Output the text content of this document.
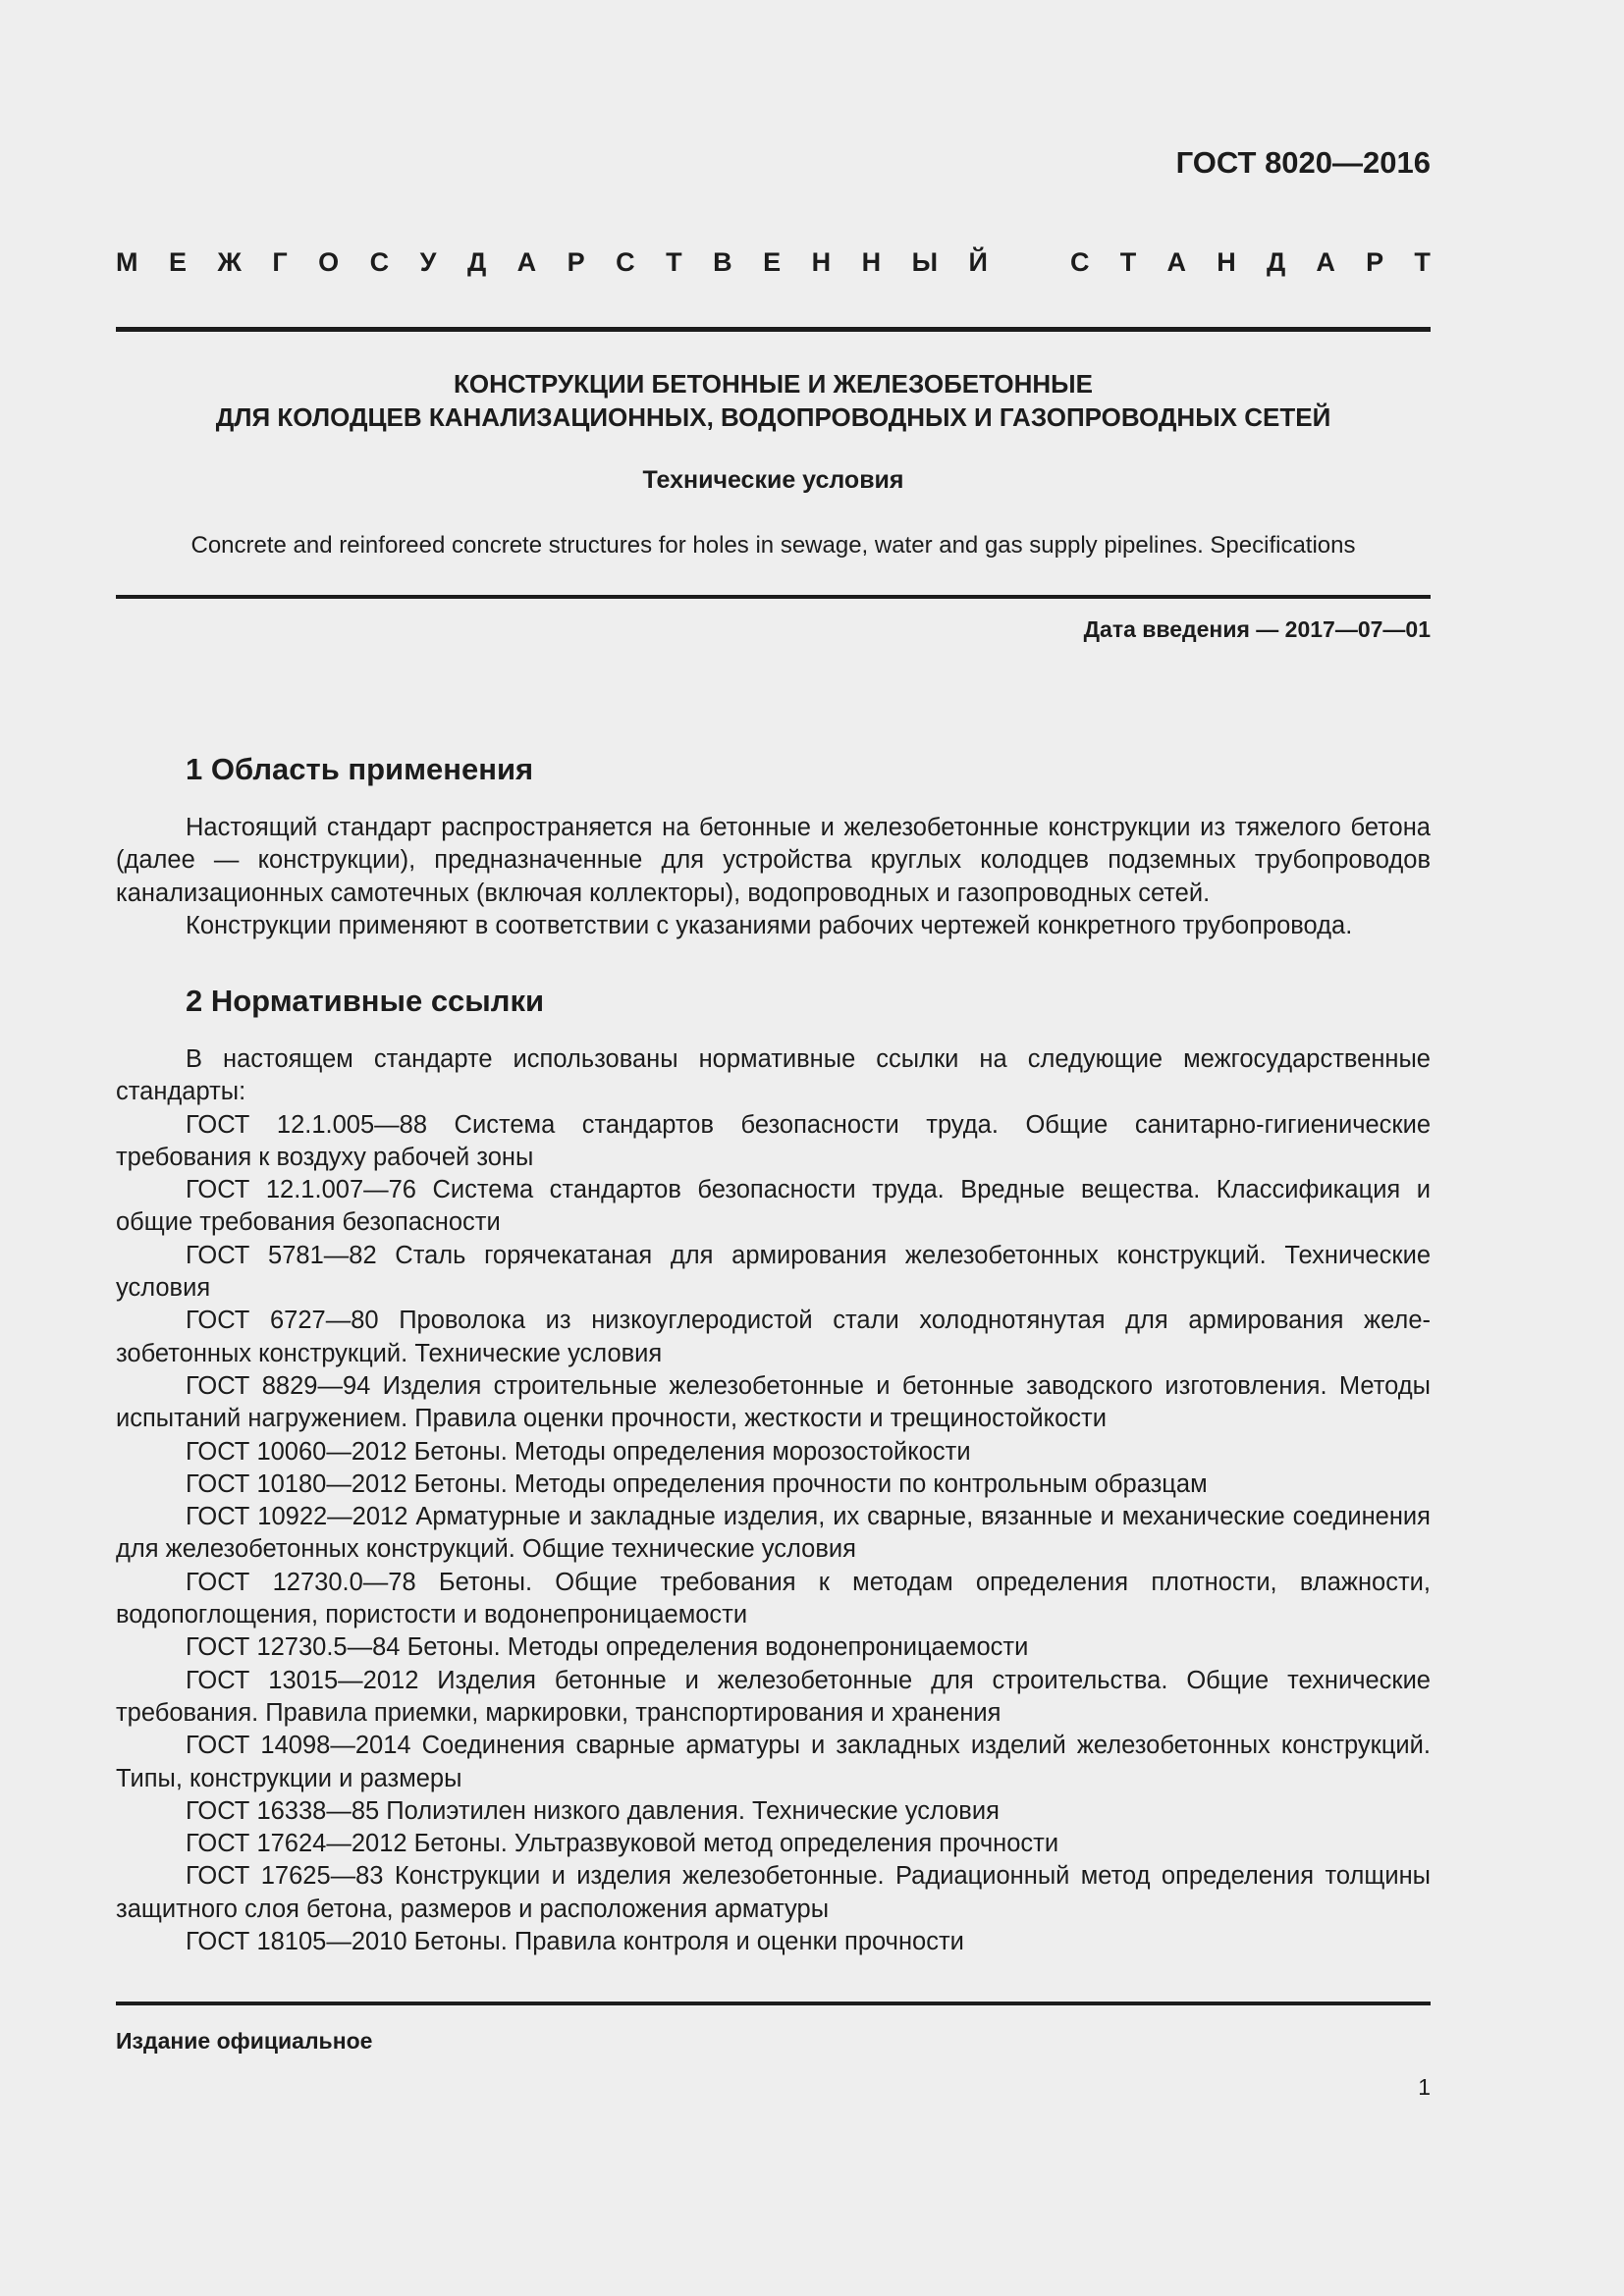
ГОСТ 8020—2016
М Е Ж Г О С У Д А Р С Т В Е Н Н Ы Й	С Т А Н Д А Р Т
КОНСТРУКЦИИ БЕТОННЫЕ И ЖЕЛЕЗОБЕТОННЫЕ
ДЛЯ КОЛОДЦЕВ КАНАЛИЗАЦИОННЫХ, ВОДОПРОВОДНЫХ И ГАЗОПРОВОДНЫХ СЕТЕЙ
Технические условия
Concrete and reinforeed concrete structures for holes in sewage, water and gas supply pipelines. Specifications
Дата введения — 2017—07—01
1 Область применения
Настоящий стандарт распространяется на бетонные и железобетонные конструкции из тяжелого бетона (далее — конструкции), предназначенные для устройства круглых колодцев подземных трубопроводов канализационных самотечных (включая коллекторы), водопроводных и газопроводных сетей.
Конструкции применяют в соответствии с указаниями рабочих чертежей конкретного трубопровода.
2 Нормативные ссылки
В настоящем стандарте использованы нормативные ссылки на следующие межгосударственные стандарты:
ГОСТ 12.1.005—88 Система стандартов безопасности труда. Общие санитарно-гигиенические требования к воздуху рабочей зоны
ГОСТ 12.1.007—76 Система стандартов безопасности труда. Вредные вещества. Классификация и общие требования безопасности
ГОСТ 5781—82 Сталь горячекатаная для армирования железобетонных конструкций. Технические условия
ГОСТ 6727—80 Проволока из низкоуглеродистой стали холоднотянутая для армирования железобетонных конструкций. Технические условия
ГОСТ 8829—94 Изделия строительные железобетонные и бетонные заводского изготовления. Методы испытаний нагружением. Правила оценки прочности, жесткости и трещиностойкости
ГОСТ 10060—2012 Бетоны. Методы определения морозостойкости
ГОСТ 10180—2012 Бетоны. Методы определения прочности по контрольным образцам
ГОСТ 10922—2012 Арматурные и закладные изделия, их сварные, вязанные и механические соединения для железобетонных конструкций. Общие технические условия
ГОСТ 12730.0—78 Бетоны. Общие требования к методам определения плотности, влажности, водопоглощения, пористости и водонепроницаемости
ГОСТ 12730.5—84 Бетоны. Методы определения водонепроницаемости
ГОСТ 13015—2012 Изделия бетонные и железобетонные для строительства. Общие технические требования. Правила приемки, маркировки, транспортирования и хранения
ГОСТ 14098—2014 Соединения сварные арматуры и закладных изделий железобетонных конструкций. Типы, конструкции и размеры
ГОСТ 16338—85 Полиэтилен низкого давления. Технические условия
ГОСТ 17624—2012 Бетоны. Ультразвуковой метод определения прочности
ГОСТ 17625—83 Конструкции и изделия железобетонные. Радиационный метод определения толщины защитного слоя бетона, размеров и расположения арматуры
ГОСТ 18105—2010 Бетоны. Правила контроля и оценки прочности
Издание официальное
1
